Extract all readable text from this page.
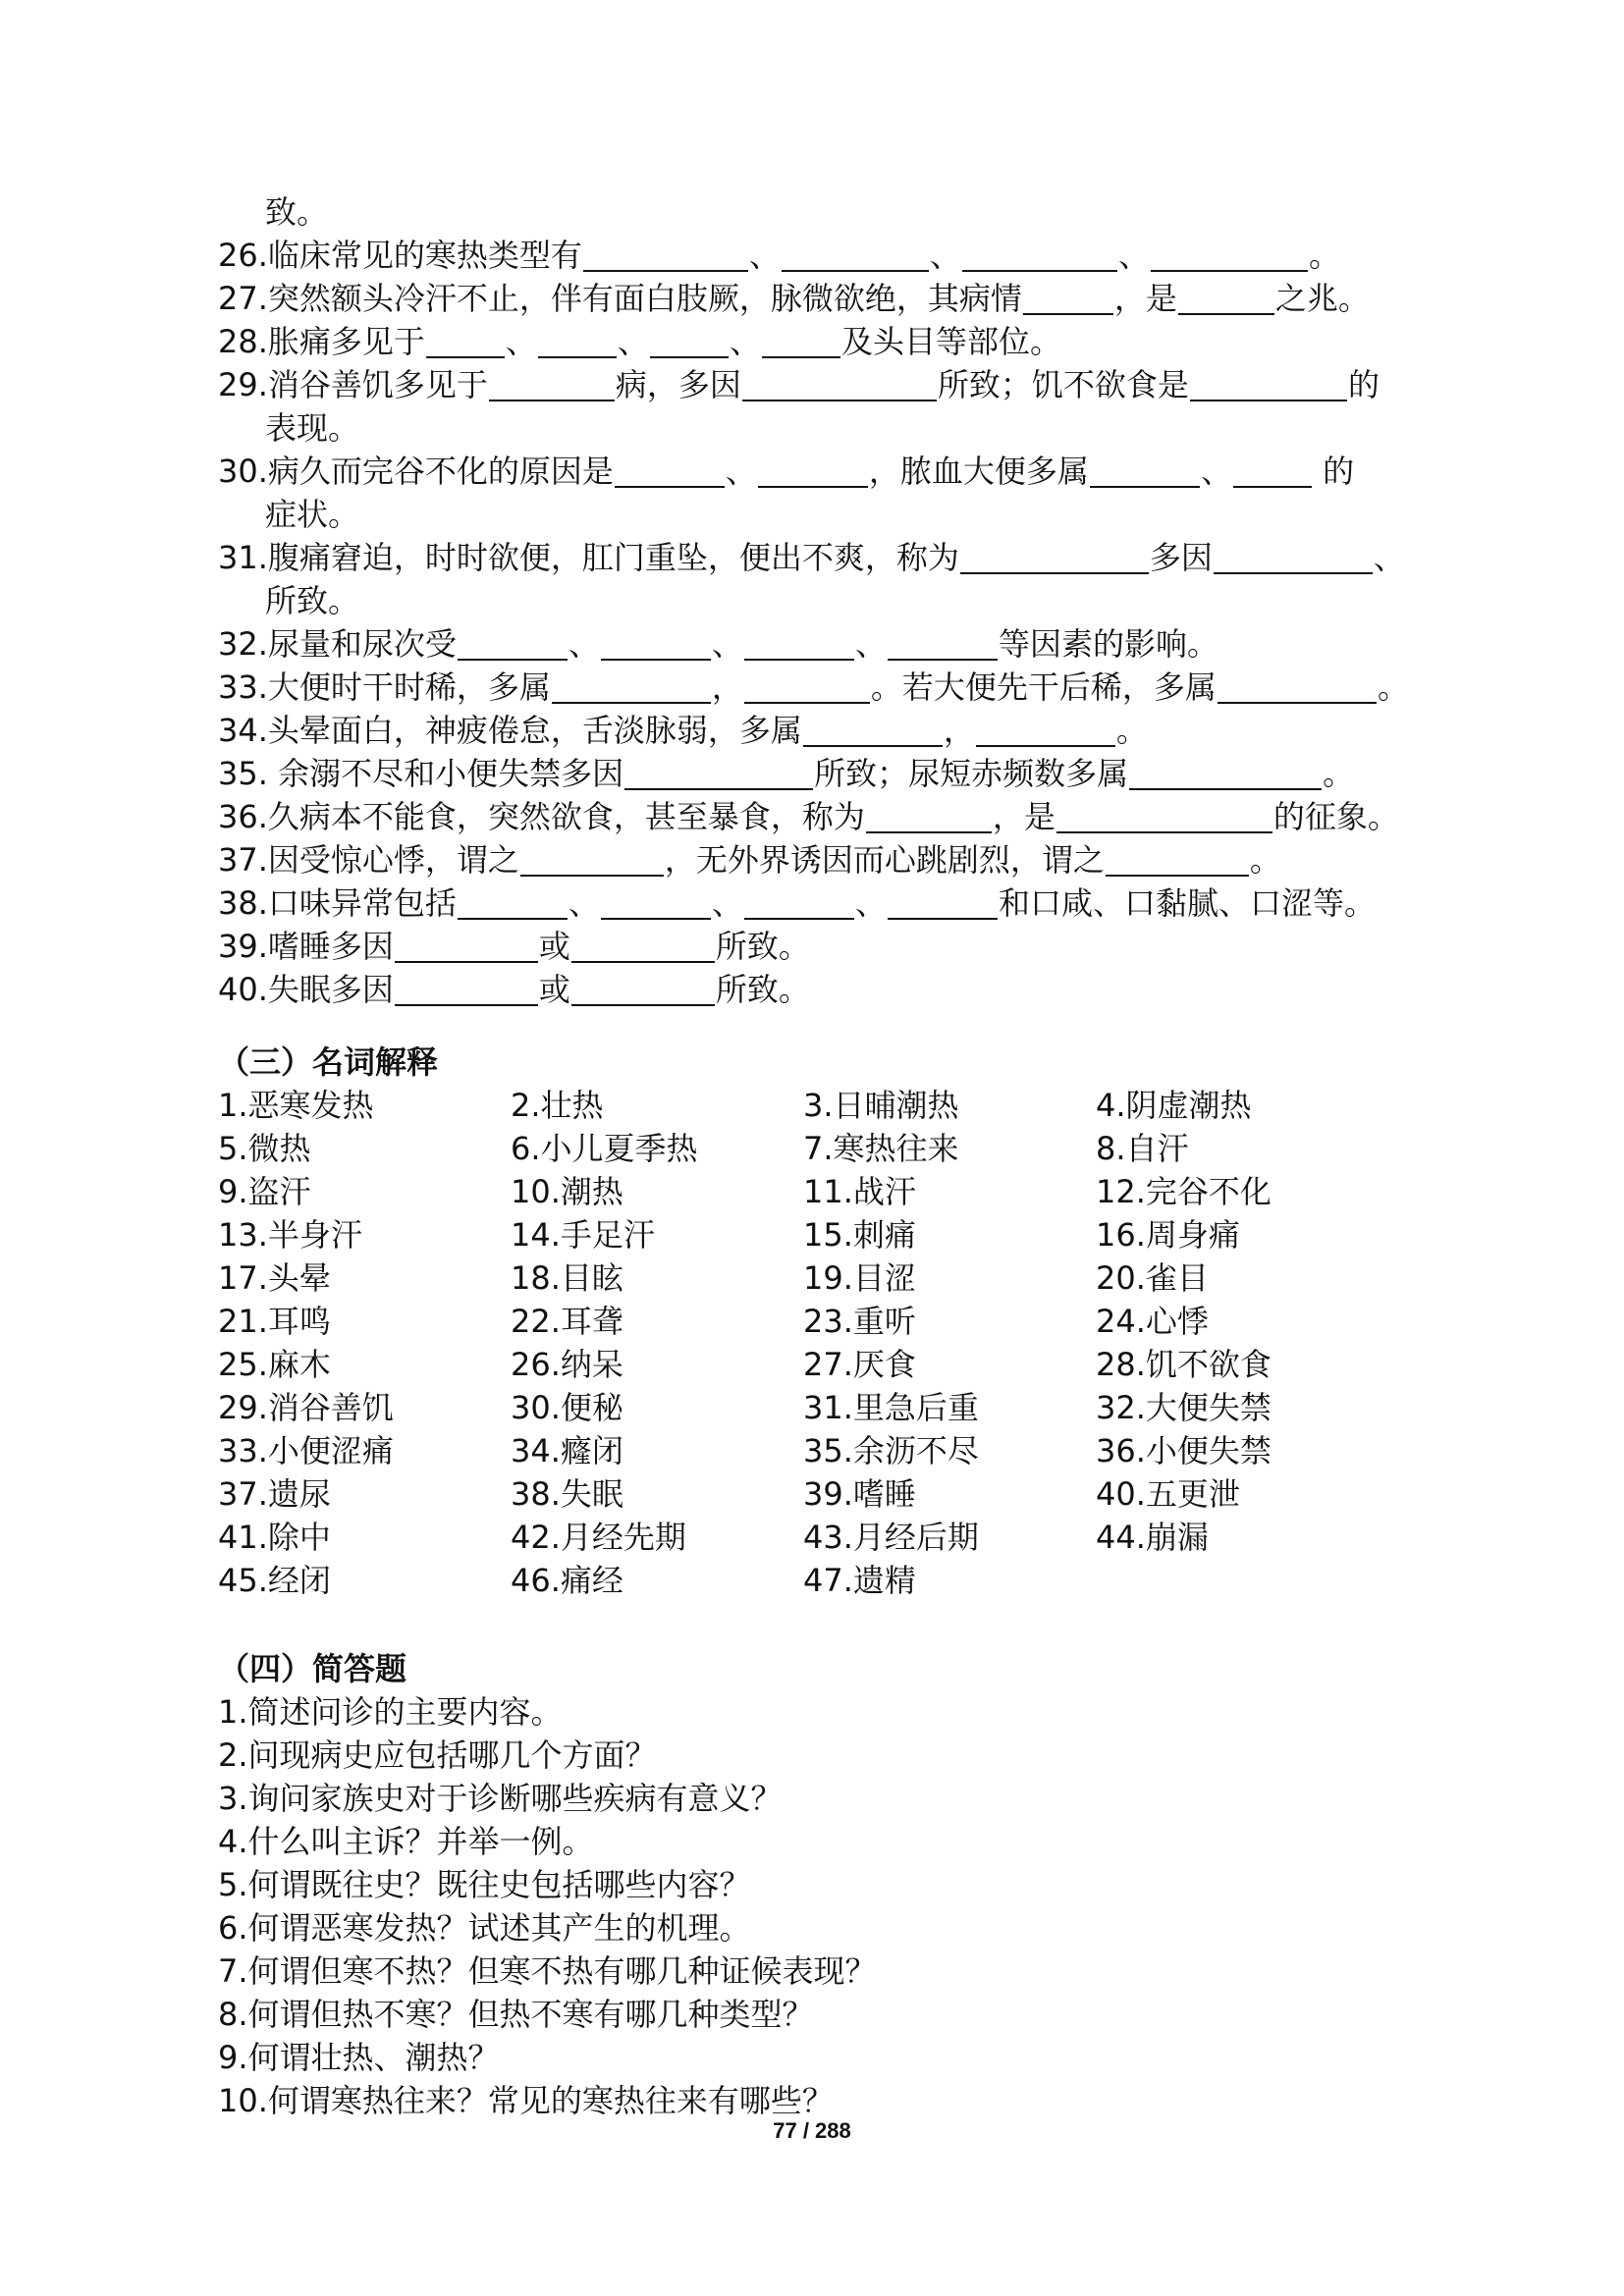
致。
26.临床常见的寒热类型有	、	、	、	。
27.突然额头冷汗不止，伴有面白肢厥，脉微欲绝，其病情	，是	之兆。
28.胀痛多见于	、	、	、	及头目等部位。
29.消谷善饥多见于	病，多因	所致；饥不欲食是	的
表现。
30.病久而完谷不化的原因是	、	，脓血大便多属	、	的
症状。
31.腹痛窘迫，时时欲便，肛门重坠，便出不爽，称为	多因	、
所致。
32.尿量和尿次受	、	、	、	等因素的影响。
33.大便时干时稀，多属	，	。若大便先干后稀，多属	。
34.头晕面白，神疲倦怠，舌淡脉弱，多属	，	。
35. 余溺不尽和小便失禁多因	所致；尿短赤频数多属	。
36.久病本不能食，突然欲食，甚至暴食，称为	，是	的征象。
37.因受惊心悸，谓之	，无外界诱因而心跳剧烈，谓之	。
38.口味异常包括	、	、	、	和口咸、口黏腻、口涩等。
39.嗜睡多因	或	所致。
40.失眠多因	或	所致。
（三）名词解释
1.恶寒发热	2.壮热	3.日晡潮热	4.阴虚潮热
5.微热	6.小儿夏季热	7.寒热往来	8.自汗
9.盗汗	10.潮热	11.战汗	12.完谷不化
13.半身汗	14.手足汗	15.刺痛	16.周身痛
17.头晕	18.目眩	19.目涩	20.雀目
21.耳鸣	22.耳聋	23.重听	24.心悸
25.麻木	26.纳呆	27.厌食	28.饥不欲食
29.消谷善饥	30.便秘	31.里急后重	32.大便失禁
33.小便涩痛	34.癃闭	35.余沥不尽	36.小便失禁
37.遗尿	38.失眠	39.嗜睡	40.五更泄
41.除中	42.月经先期	43.月经后期	44.崩漏
45.经闭	46.痛经	47.遗精
（四）简答题
1.简述问诊的主要内容。
2.问现病史应包括哪几个方面？
3.询问家族史对于诊断哪些疾病有意义？
4.什么叫主诉？并举一例。
5.何谓既往史？既往史包括哪些内容？
6.何谓恶寒发热？试述其产生的机理。
7.何谓但寒不热？但寒不热有哪几种证候表现？
8.何谓但热不寒？但热不寒有哪几种类型？
9.何谓壮热、潮热？
10.何谓寒热往来？常见的寒热往来有哪些？
77 / 288
